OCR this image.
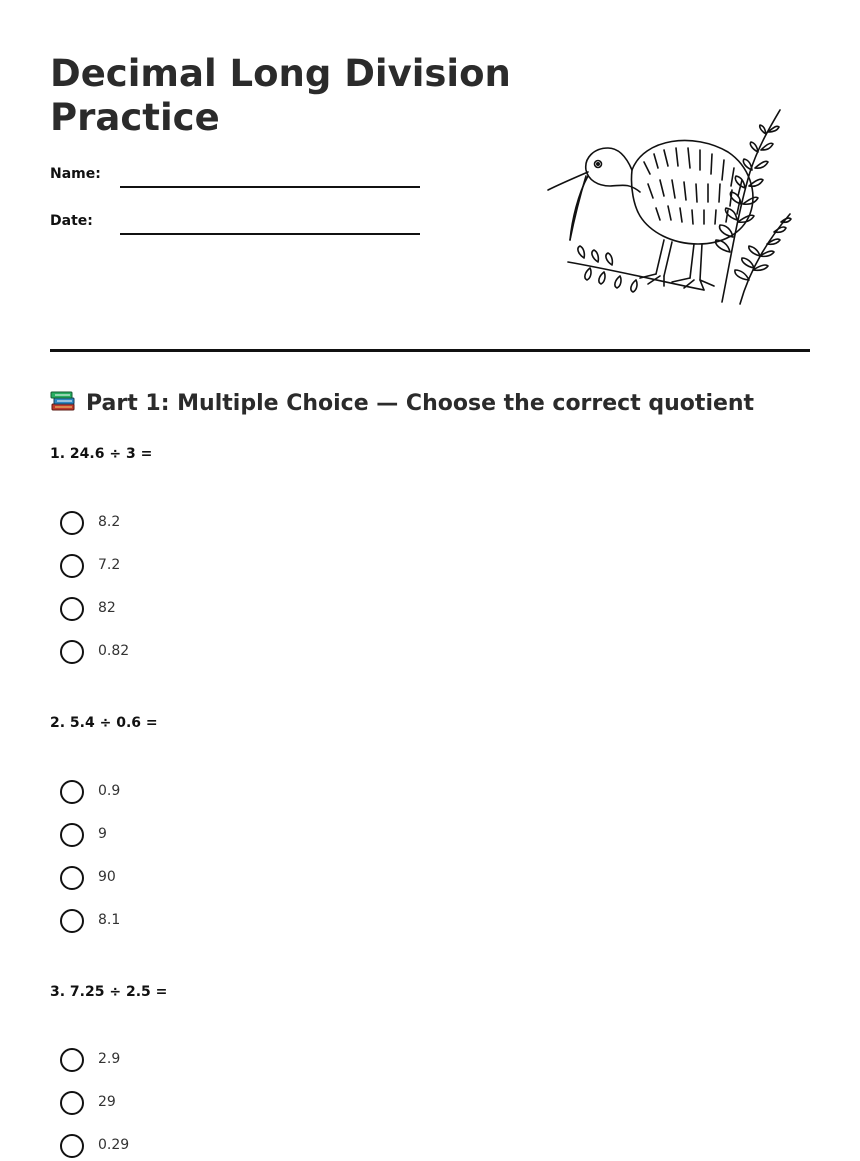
Decimal Long Division Practice
Name:
Date:
Part 1: Multiple Choice — Choose the correct quotient

1. 24.6 ÷ 3 =

8.2
7.2
82
0.82

2. 5.4 ÷ 0.6 =

0.9
9
90
8.1

3. 7.25 ÷ 2.5 =

2.9
29
0.29
